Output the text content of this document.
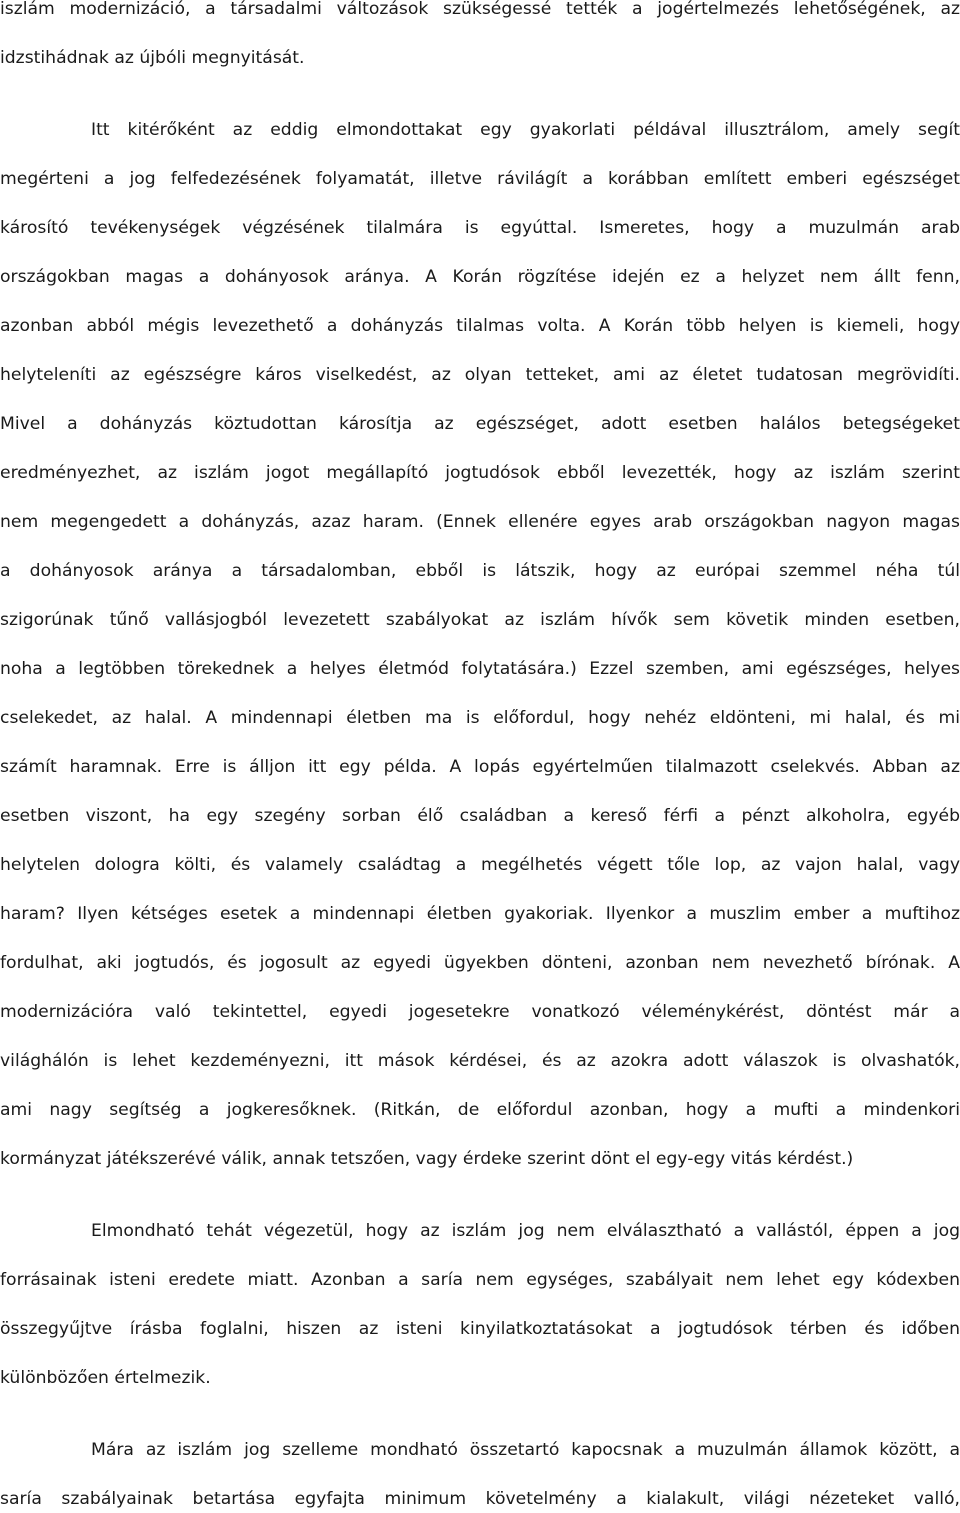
iszlám modernizáció, a társadalmi változások szükségessé tették a jogértelmezés lehetőségének, az
idzstihádnak az újbóli megnyitását.
Itt kitérőként az eddig elmondottakat egy gyakorlati példával illusztrálom, amely segít
megérteni a jog felfedezésének folyamatát, illetve rávilágít a korábban említett emberi egészséget
károsító tevékenységek végzésének tilalmára is egyúttal. Ismeretes, hogy a muzulmán arab
országokban magas a dohányosok aránya. A Korán rögzítése idején ez a helyzet nem állt fenn,
azonban abból mégis levezethető a dohányzás tilalmas volta. A Korán több helyen is kiemeli, hogy
helyteleníti az egészségre káros viselkedést, az olyan tetteket, ami az életet tudatosan megrövidíti.
Mivel a dohányzás köztudottan károsítja az egészséget, adott esetben halálos betegségeket
eredményezhet, az iszlám jogot megállapító jogtudósok ebből levezették, hogy az iszlám szerint
nem megengedett a dohányzás, azaz haram. (Ennek ellenére egyes arab országokban nagyon magas
a dohányosok aránya a társadalomban, ebből is látszik, hogy az európai szemmel néha túl
szigorúnak tűnő vallásjogból levezetett szabályokat az iszlám hívők sem követik minden esetben,
noha a legtöbben törekednek a helyes életmód folytatására.) Ezzel szemben, ami egészséges, helyes
cselekedet, az halal. A mindennapi életben ma is előfordul, hogy nehéz eldönteni, mi halal, és mi
számít haramnak. Erre is álljon itt egy példa. A lopás egyértelműen tilalmazott cselekvés. Abban az
esetben viszont, ha egy szegény sorban élő családban a kereső férfi a pénzt alkoholra, egyéb
helytelen dologra költi, és valamely családtag a megélhetés végett tőle lop, az vajon halal, vagy
haram? Ilyen kétséges esetek a mindennapi életben gyakoriak. Ilyenkor a muszlim ember a muftihoz
fordulhat, aki jogtudós, és jogosult az egyedi ügyekben dönteni, azonban nem nevezhető bírónak. A
modernizációra való tekintettel, egyedi jogesetekre vonatkozó véleménykérést, döntést már a
világhálón is lehet kezdeményezni, itt mások kérdései, és az azokra adott válaszok is olvashatók,
ami nagy segítség a jogkeresőknek. (Ritkán, de előfordul azonban, hogy a mufti a mindenkori
kormányzat játékszerévé válik, annak tetszően, vagy érdeke szerint dönt el egy-egy vitás kérdést.)
Elmondható tehát végezetül, hogy az iszlám jog nem elválasztható a vallástól, éppen a jog
forrásainak isteni eredete miatt. Azonban a saría nem egységes, szabályait nem lehet egy kódexben
összegyűjtve írásba foglalni, hiszen az isteni kinyilatkoztatásokat a jogtudósok térben és időben
különbözően értelmezik.
Mára az iszlám jog szelleme mondható összetartó kapocsnak a muzulmán államok között, a
saría szabályainak betartása egyfajta minimum követelmény a kialakult, világi nézeteket valló,
